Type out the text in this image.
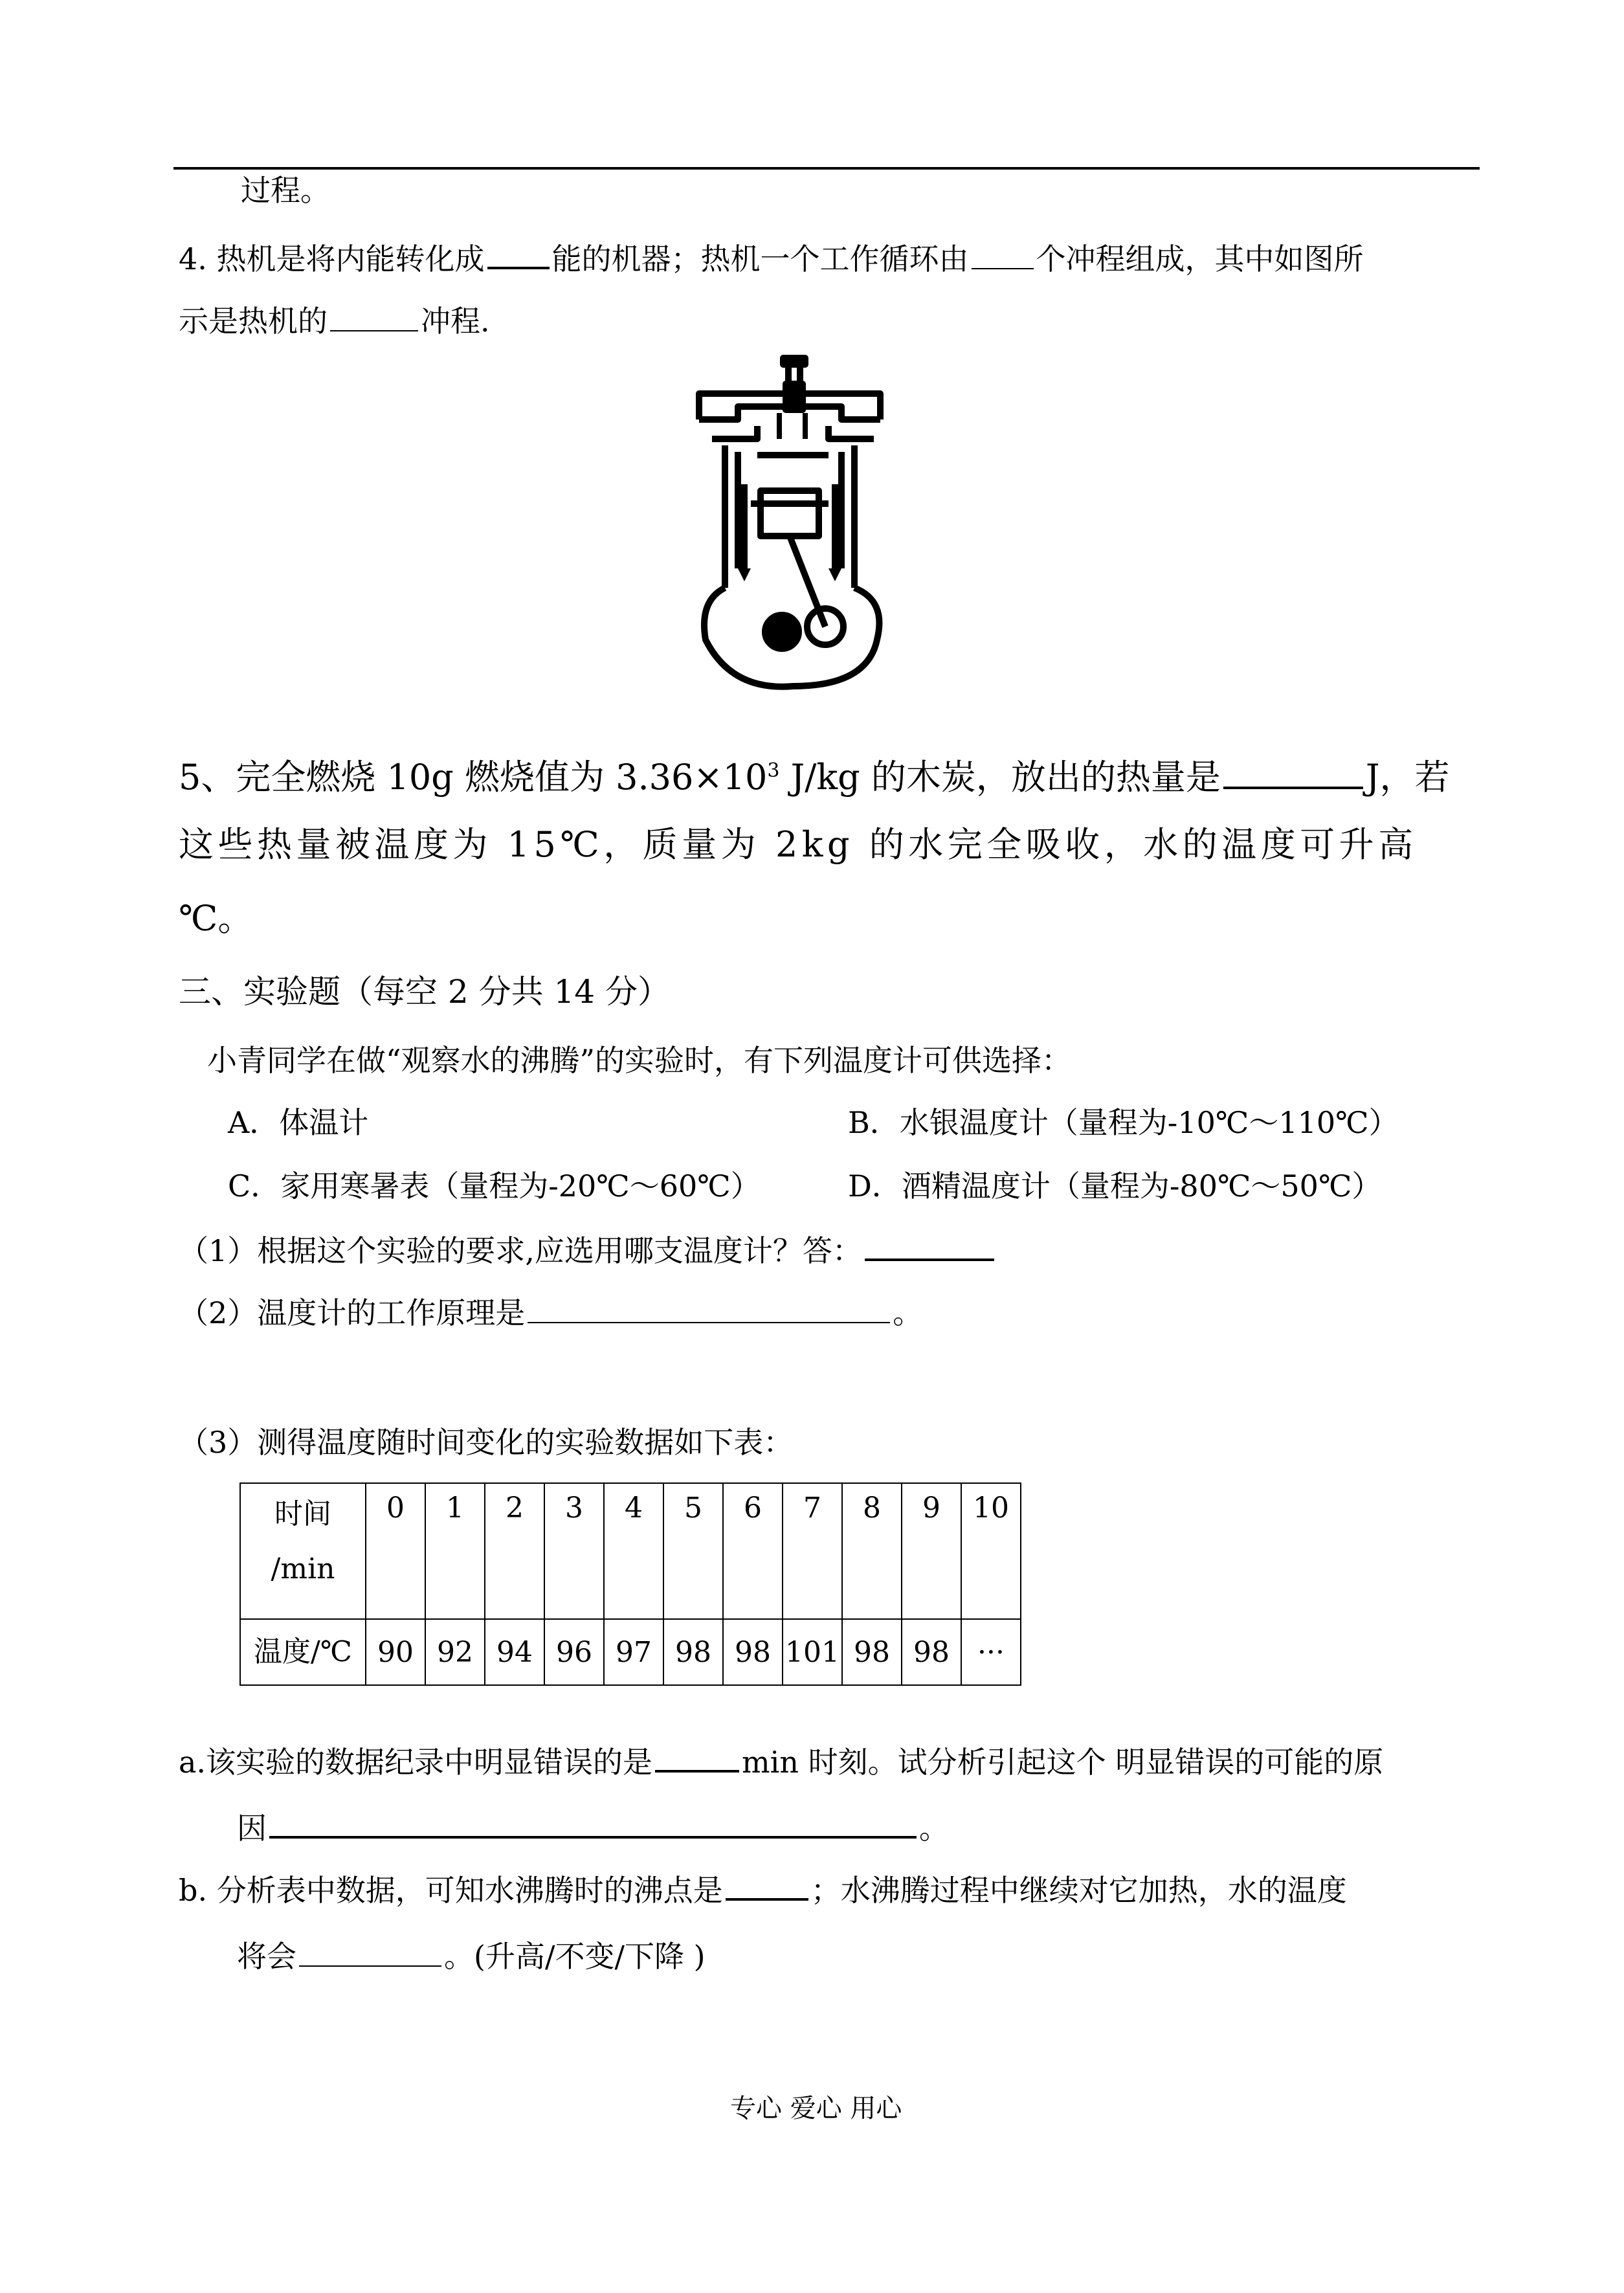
过程。
4. 热机是将内能转化成 能的机器；热机一个工作循环由 个冲程组成，其中如图所
示是热机的	冲程.
5、完全燃烧 10g 燃烧值为 $3.36\times 10^3$ J/kg 的木炭，放出的热量是	J，若
这些热量被温度为 15℃，质量为 2kg 的水完全吸收，水的温度可升高
℃。
三、实验题（每空 2 分共 14 分）
小青同学在做“观察水的沸腾”的实验时，有下列温度计可供选择：
A．体温计	B．水银温度计（量程为-10℃～110℃）
C．家用寒暑表（量程为-20℃～60℃）	D．酒精温度计（量程为-80℃～50℃）
（1）根据这个实验的要求,应选用哪支温度计？答：
（2）温度计的工作原理是	。
（3）测得温度随时间变化的实验数据如下表：
时间
/min	0	1	2	3	4	5	6	7	8	9	10
温度/℃	90	92	94	96	97	98	98	101	98	98	···
a.该实验的数据纪录中明显错误的是	min 时刻。试分析引起这个 明显错误的可能的原
因	。
b. 分析表中数据，可知水沸腾时的沸点是	；水沸腾过程中继续对它加热，水的温度
将会	。(升高/不变/下降 )
专心 爱心 用心
